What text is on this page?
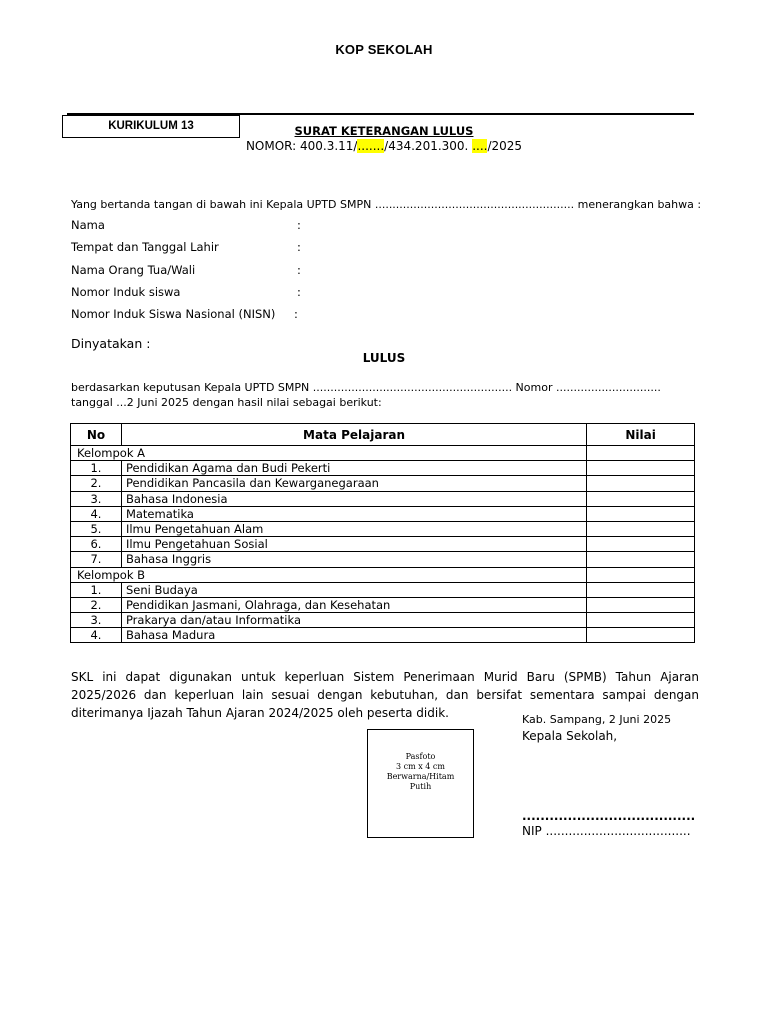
KOP SEKOLAH
KURIKULUM 13	SURAT KETERANGAN LULUS
NOMOR: 400.3.11/......./434.201.300. ..../2025
Yang bertanda tangan di bawah ini Kepala UPTD SMPN ......................................................... menerangkan bahwa :
Nama	:
Tempat dan Tanggal Lahir	:
Nama Orang Tua/Wali	:
Nomor Induk siswa	:
Nomor Induk Siswa Nasional (NISN) :
Dinyatakan :
LULUS
berdasarkan keputusan Kepala UPTD SMPN ......................................................... Nomor ..............................
tanggal ...2 Juni 2025 dengan hasil nilai sebagai berikut:
No	Mata Pelajaran	Nilai
Kelompok A		
1.	Pendidikan Agama dan Budi Pekerti	
2.	Pendidikan Pancasila dan Kewarganegaraan	
3.	Bahasa Indonesia	
4.	Matematika	
5.	Ilmu Pengetahuan Alam	
6.	Ilmu Pengetahuan Sosial	
7.	Bahasa Inggris	
Kelompok B		
1.	Seni Budaya	
2.	Pendidikan Jasmani, Olahraga, dan Kesehatan	
3.	Prakarya dan/atau Informatika	
4.	Bahasa Madura	
SKL ini dapat digunakan untuk keperluan Sistem Penerimaan Murid Baru (SPMB) Tahun Ajaran 2025/2026 dan keperluan lain sesuai dengan kebutuhan, dan bersifat sementara sampai dengan diterimanya Ijazah Tahun Ajaran 2024/2025 oleh peserta didik.	Kab. Sampang, 2 Juni 2025
Kepala Sekolah,
Pasfoto
3 cm x 4 cm
Berwarna/Hitam
Putih
......................................
NIP ......................................
